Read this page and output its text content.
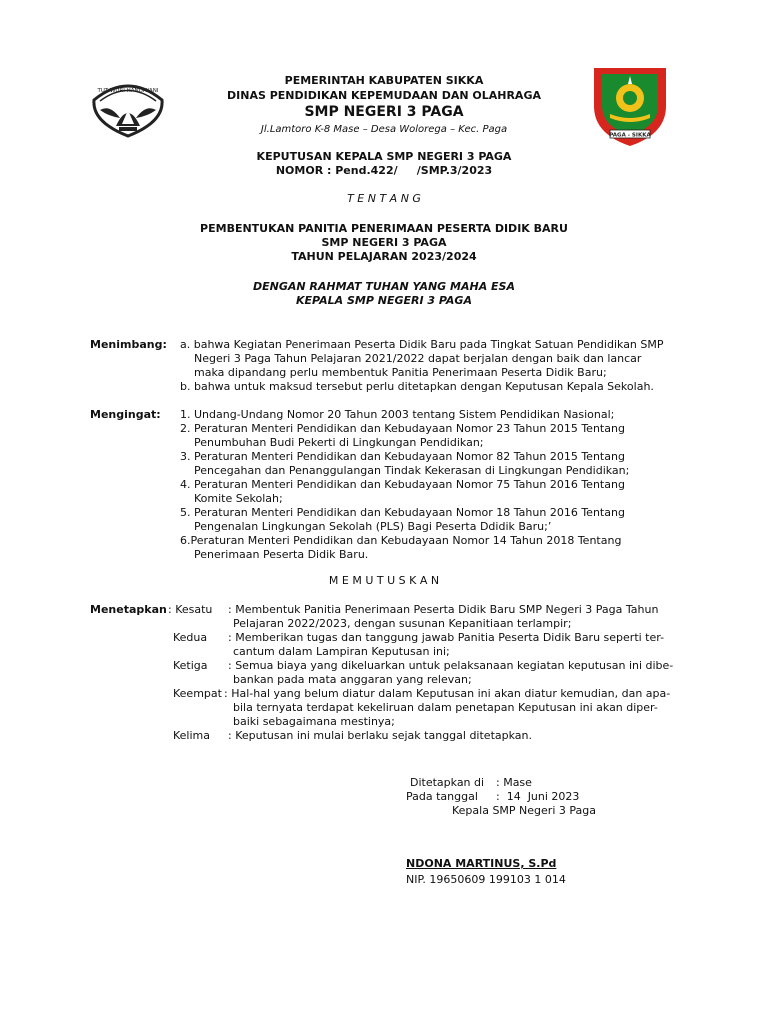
TUT WURI HANDAYANI
PAGA - SIKKA
PEMERINTAH KABUPATEN SIKKA
DINAS PENDIDIKAN KEPEMUDAAN DAN OLAHRAGA
SMP NEGERI 3 PAGA
Jl.Lamtoro K-8 Mase – Desa Wolorega – Kec. Paga
KEPUTUSAN KEPALA SMP NEGERI 3 PAGA
NOMOR : Pend.422/     /SMP.3/2023
T E N T A N G
PEMBENTUKAN PANITIA PENERIMAAN PESERTA DIDIK BARU
SMP NEGERI 3 PAGA
TAHUN PELAJARAN 2023/2024
DENGAN RAHMAT TUHAN YANG MAHA ESA
KEPALA SMP NEGERI 3 PAGA
Menimbang: a. bahwa Kegiatan Penerimaan Peserta Didik Baru pada Tingkat Satuan Pendidikan SMP
Negeri 3 Paga Tahun Pelajaran 2021/2022 dapat berjalan dengan baik dan lancar
maka dipandang perlu membentuk Panitia Penerimaan Peserta Didik Baru;
b. bahwa untuk maksud tersebut perlu ditetapkan dengan Keputusan Kepala Sekolah.
Mengingat: 1. Undang-Undang Nomor 20 Tahun 2003 tentang Sistem Pendidikan Nasional;
2. Peraturan Menteri Pendidikan dan Kebudayaan Nomor 23 Tahun 2015 Tentang
Penumbuhan Budi Pekerti di Lingkungan Pendidikan;
3. Peraturan Menteri Pendidikan dan Kebudayaan Nomor 82 Tahun 2015 Tentang
Pencegahan dan Penanggulangan Tindak Kekerasan di Lingkungan Pendidikan;
4. Peraturan Menteri Pendidikan dan Kebudayaan Nomor 75 Tahun 2016 Tentang
Komite Sekolah;
5. Peraturan Menteri Pendidikan dan Kebudayaan Nomor 18 Tahun 2016 Tentang
Pengenalan Lingkungan Sekolah (PLS) Bagi Peserta Ddidik Baru;’
6.Peraturan Menteri Pendidikan dan Kebudayaan Nomor 14 Tahun 2018 Tentang
Penerimaan Peserta Didik Baru.
M E M U T U S K A N
Menetapkan : Kesatu : Membentuk Panitia Penerimaan Peserta Didik Baru SMP Negeri 3 Paga Tahun
Pelajaran 2022/2023, dengan susunan Kepanitiaan terlampir;
Kedua : Memberikan tugas dan tanggung jawab Panitia Peserta Didik Baru seperti ter-
cantum dalam Lampiran Keputusan ini;
Ketiga : Semua biaya yang dikeluarkan untuk pelaksanaan kegiatan keputusan ini dibe-
bankan pada mata anggaran yang relevan;
Keempat : Hal-hal yang belum diatur dalam Keputusan ini akan diatur kemudian, dan apa-
bila ternyata terdapat kekeliruan dalam penetapan Keputusan ini akan diper-
baiki sebagaimana mestinya;
Kelima : Keputusan ini mulai berlaku sejak tanggal ditetapkan.
Ditetapkan di : Mase
Pada tanggal :  14  Juni 2023
Kepala SMP Negeri 3 Paga
NDONA MARTINUS, S.Pd
NIP. 19650609 199103 1 014
